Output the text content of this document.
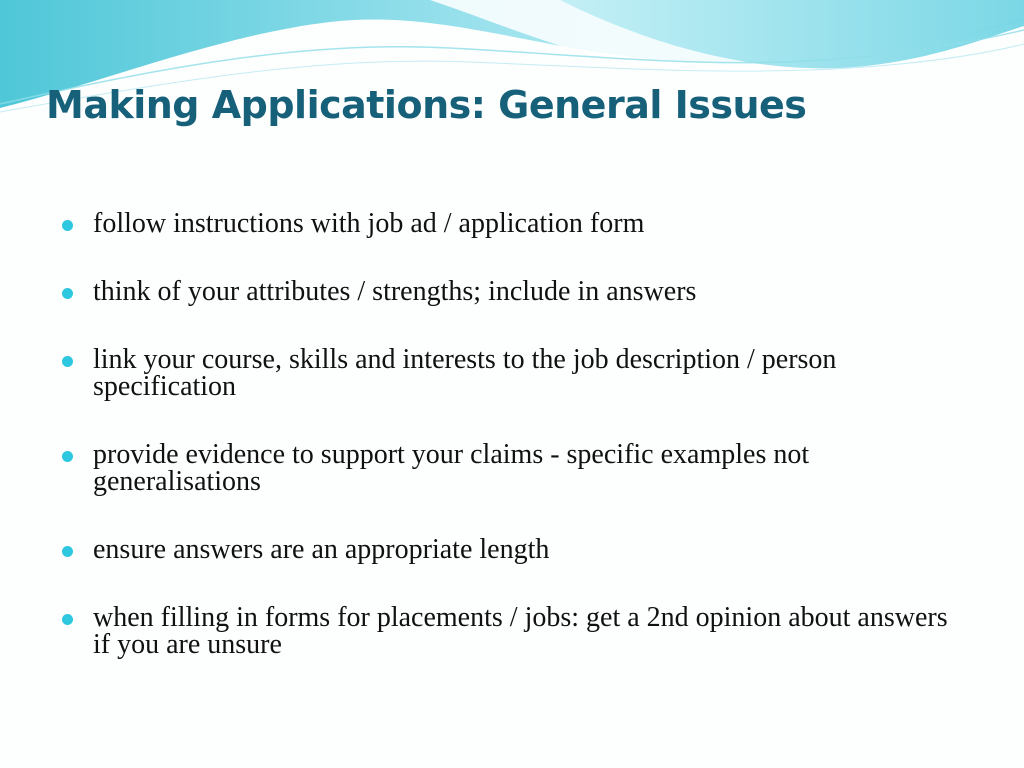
Making Applications: General Issues
follow instructions with job ad / application form
think of your attributes / strengths; include in answers
link your course, skills and interests to the job description / person specification
provide evidence to support your claims - specific examples not generalisations
ensure answers are an appropriate length
when filling in forms for placements / jobs: get a 2nd opinion about answers if you are unsure
